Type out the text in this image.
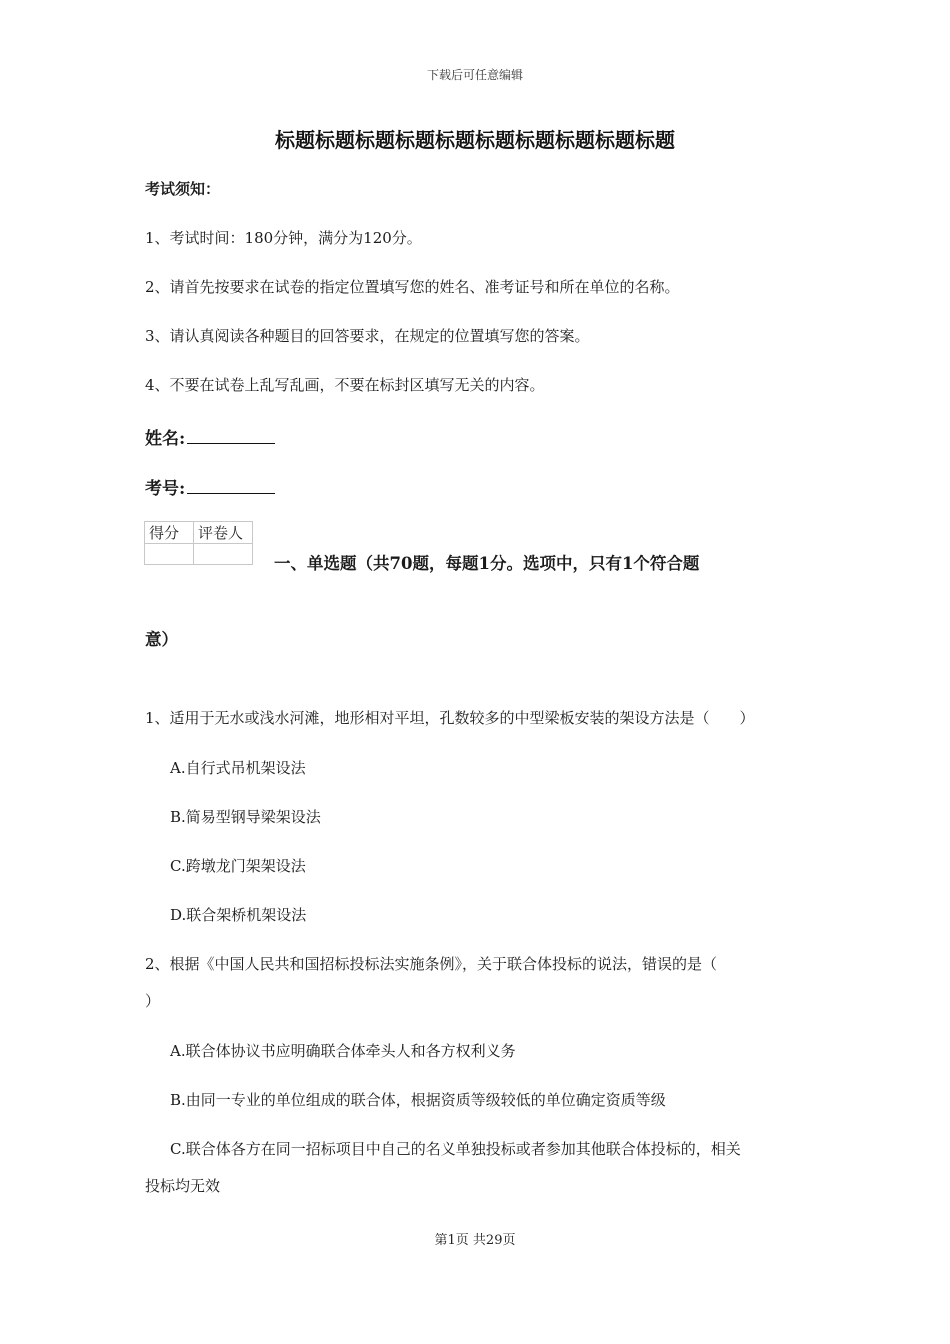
下载后可任意编辑
标题标题标题标题标题标题标题标题标题标题
考试须知：
1、考试时间：180分钟，满分为120分。
2、请首先按要求在试卷的指定位置填写您的姓名、准考证号和所在单位的名称。
3、请认真阅读各种题目的回答要求，在规定的位置填写您的答案。
4、不要在试卷上乱写乱画，不要在标封区填写无关的内容。
姓名:
考号:
得分	评卷人

一、单选题（共70题，每题1分。选项中，只有1个符合题
意）
1、适用于无水或浅水河滩，地形相对平坦，孔数较多的中型梁板安装的架设方法是（　　）
A.自行式吊机架设法
B.简易型钢导梁架设法
C.跨墩龙门架架设法
D.联合架桥机架设法
2、根据《中国人民共和国招标投标法实施条例》，关于联合体投标的说法，错误的是（
）
A.联合体协议书应明确联合体牵头人和各方权利义务
B.由同一专业的单位组成的联合体，根据资质等级较低的单位确定资质等级
C.联合体各方在同一招标项目中自己的名义单独投标或者参加其他联合体投标的，相关
投标均无效
第1页 共29页
